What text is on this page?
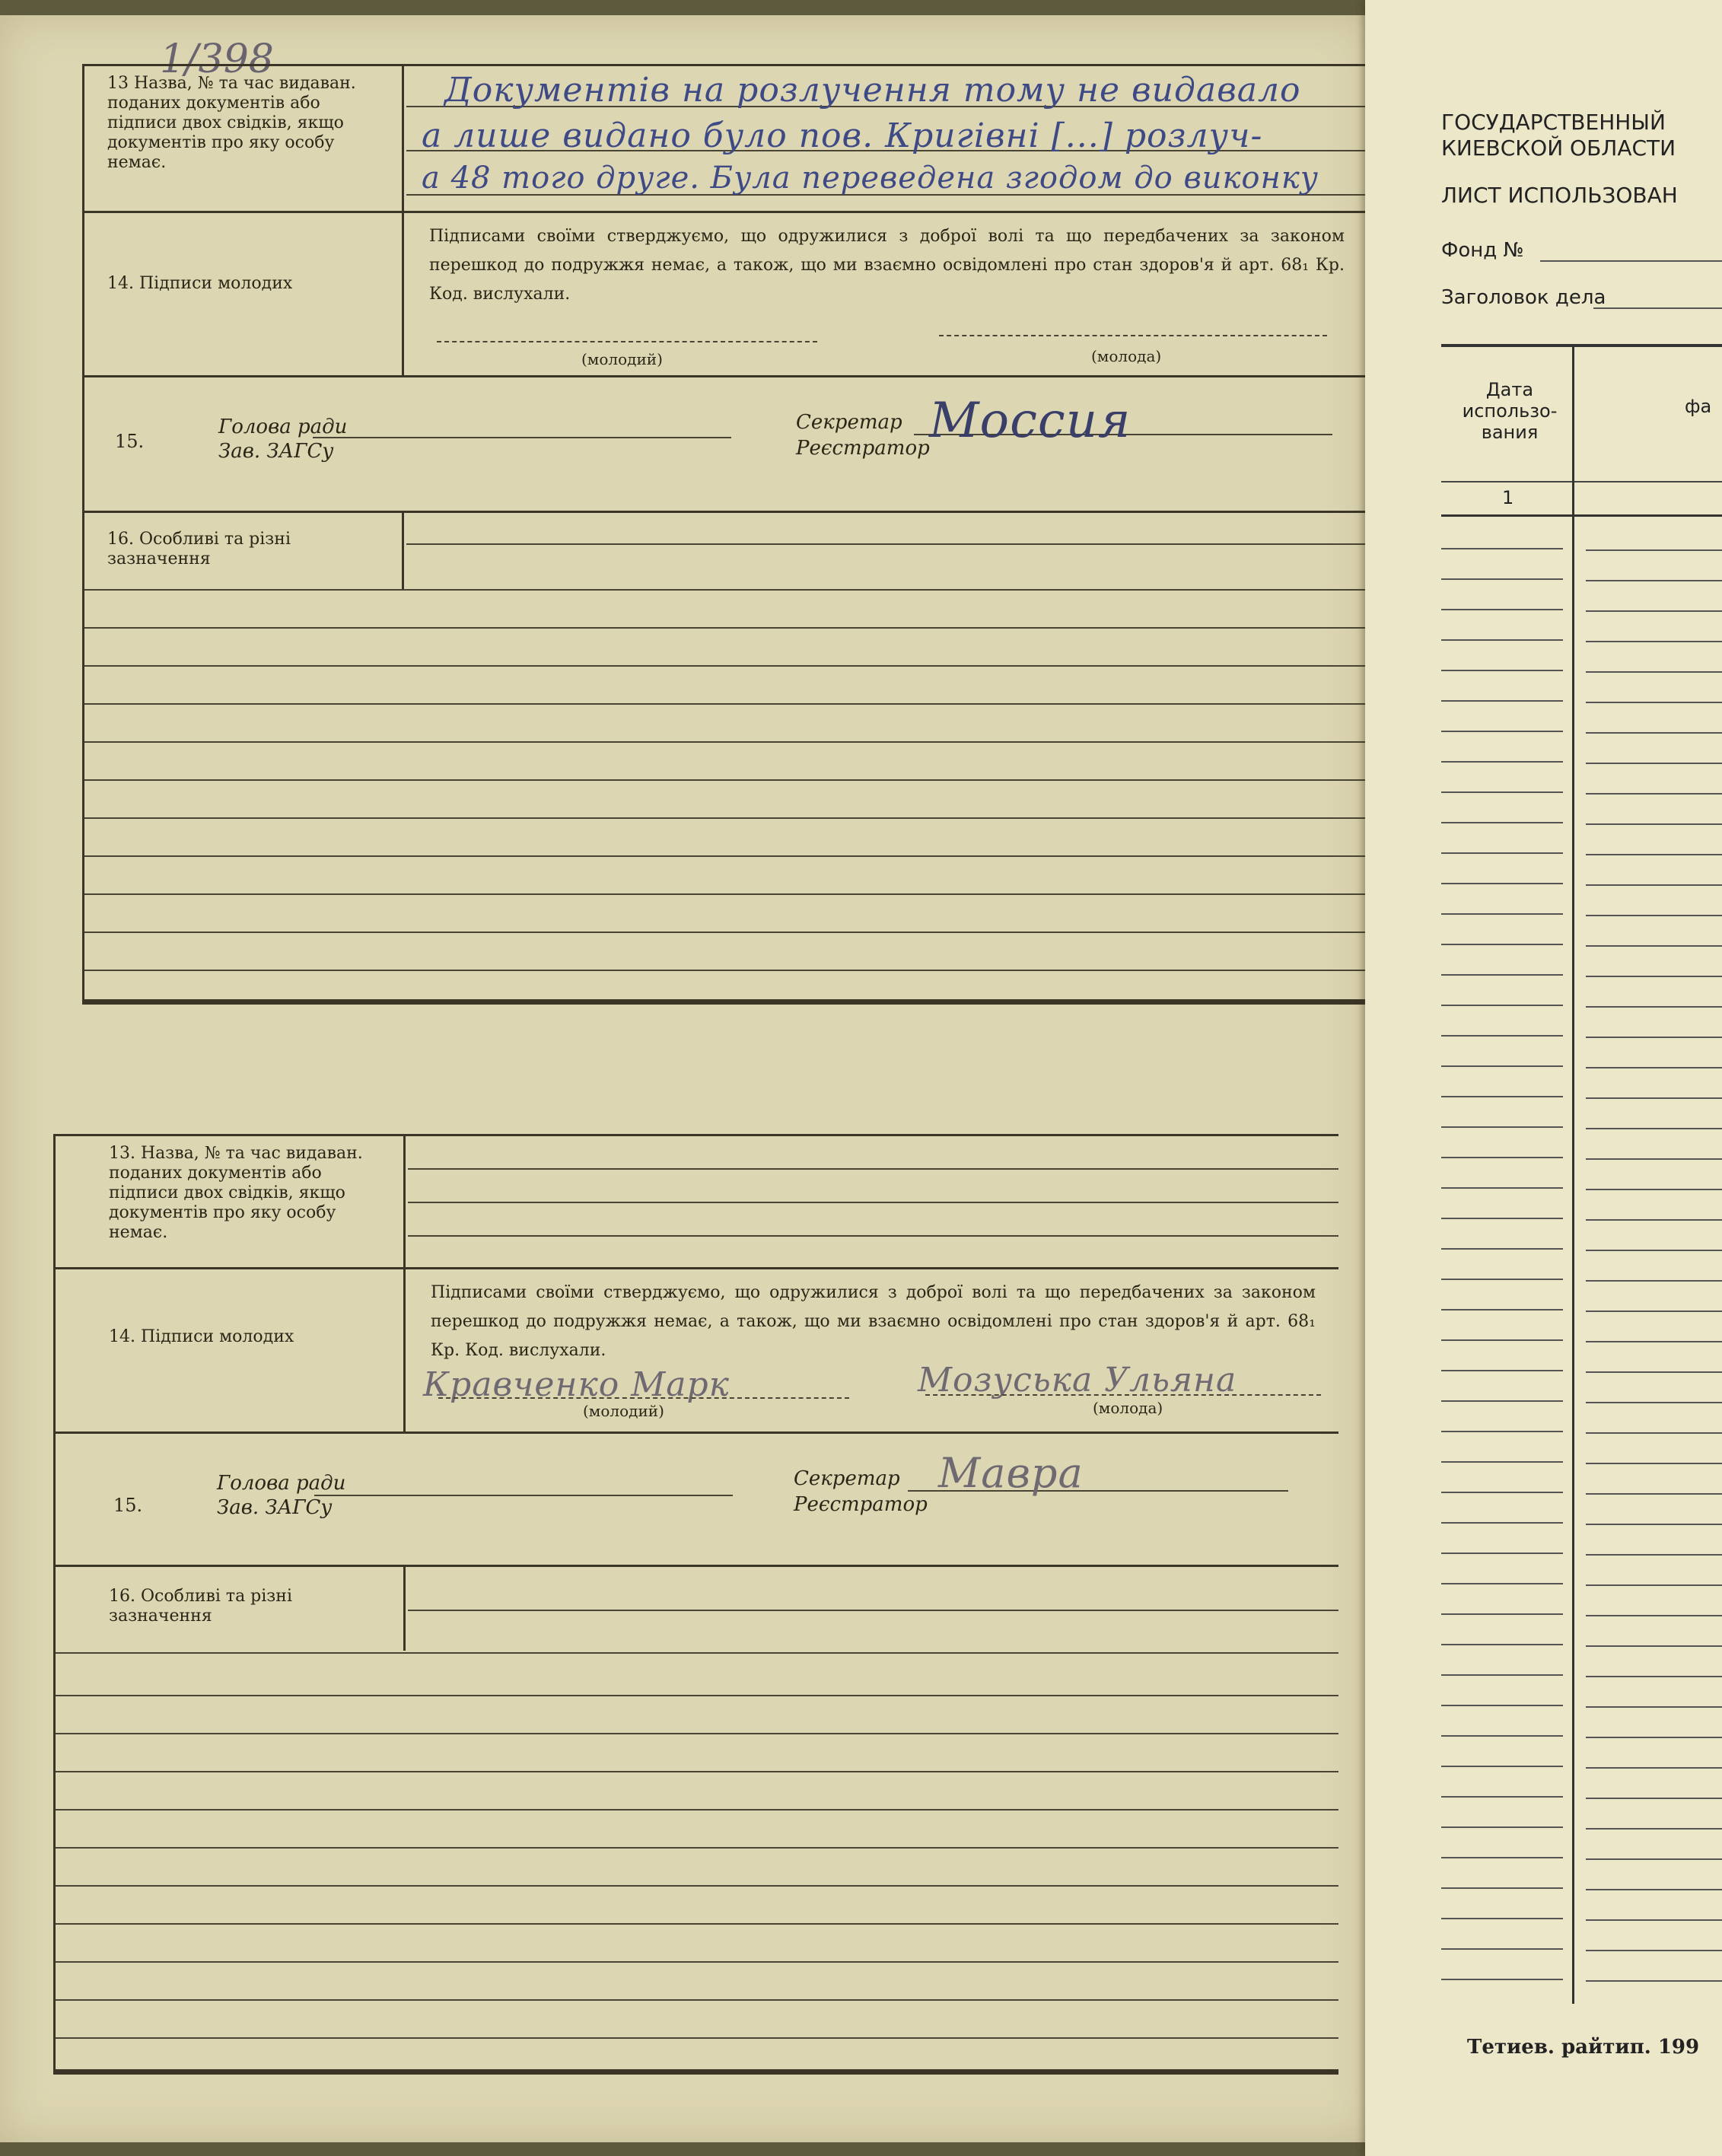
1/398
13 Назва, № та час видаван. поданих документів або підписи двох свідків, якщо документів про яку особу немає.
Документів на розлучення тому не видавало
а лише видано було пов. Кригівні [...] розлуч-
а 48 того друге. Була переведена згодом до виконку
14. Підписи молодих
Підписами своїми стверджуємо, що одружилися з доброї волі та що передбачених за законом перешкод до подружжя немає, а також, що ми взаємно освідомлені про стан здоров'я й арт. 68₁ Кр. Код. вислухали.
(молодий)	(молода)
15.
Голова ради
Зав. ЗАГСу
Секретар
Реєстратор Моссия
16. Особливі та різні зазначення
13. Назва, № та час видаван. поданих документів або підписи двох свідків, якщо документів про яку особу немає.
14. Підписи молодих
Підписами своїми стверджуємо, що одружилися з доброї волі та що передбачених за законом перешкод до подружжя немає, а також, що ми взаємно освідомлені про стан здоров'я й арт. 68₁ Кр. Код. вислухали.
Кравченко Марк	Мозуська Ульяна
(молодий)	(молода)
15.
Голова ради
Зав. ЗАГСу
Секретар
Реєстратор
Мавра
16. Особливі та різні зазначення
ГОСУДАРСТВЕННЫЙ
КИЕВСКОЙ ОБЛАСТИ
ЛИСТ ИСПОЛЬЗОВАН
Фонд №
Заголовок дела
Дата использо-вания
фа
1
Тетиев. райтип. 199
